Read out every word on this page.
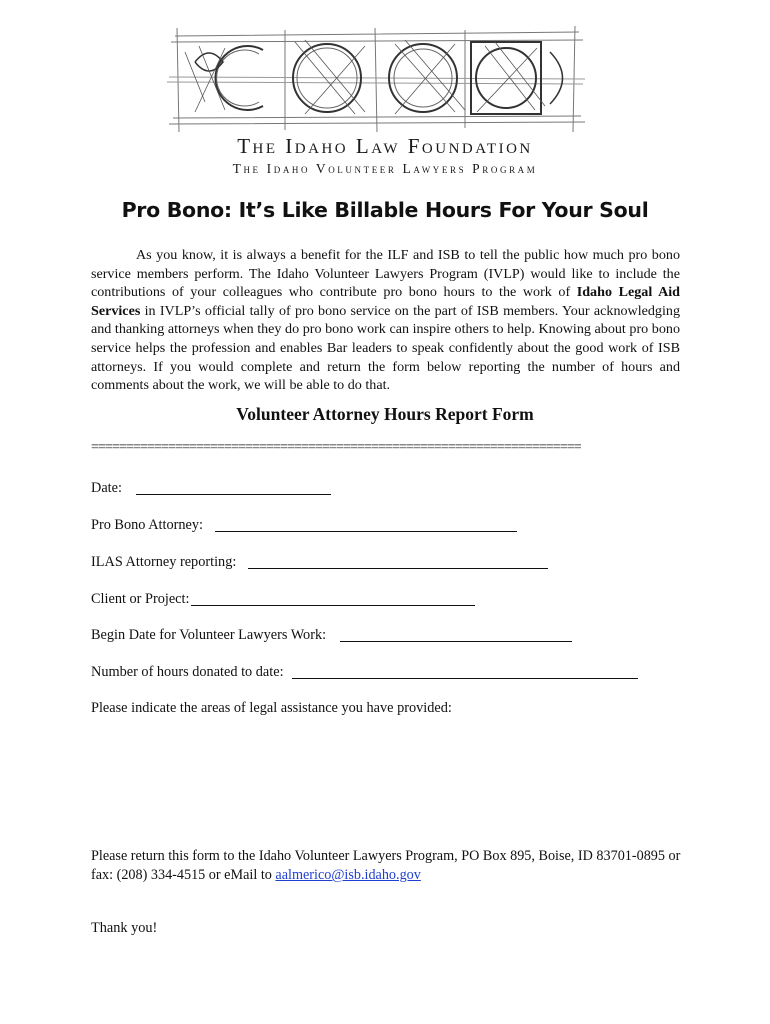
The Idaho Law Foundation
The Idaho Volunteer Lawyers Program
Pro Bono: It’s Like Billable Hours For Your Soul
As you know, it is always a benefit for the ILF and ISB to tell the public how much pro bono service members perform. The Idaho Volunteer Lawyers Program (IVLP) would like to include the contributions of your colleagues who contribute pro bono hours to the work of Idaho Legal Aid Services in IVLP’s official tally of pro bono service on the part of ISB members. Your acknowledging and thanking attorneys when they do pro bono work can inspire others to help. Knowing about pro bono service helps the profession and enables Bar leaders to speak confidently about the good work of ISB attorneys. If you would complete and return the form below reporting the number of hours and comments about the work, we will be able to do that.
Volunteer Attorney Hours Report Form
======================================================================
Date:
Pro Bono Attorney:
ILAS Attorney reporting:
Client or Project:
Begin Date for Volunteer Lawyers Work:
Number of hours donated to date:
Please indicate the areas of legal assistance you have provided:
Please return this form to the Idaho Volunteer Lawyers Program, PO Box 895, Boise, ID 83701-0895 or fax: (208) 334-4515 or eMail to aalmerico@isb.idaho.gov
Thank you!
